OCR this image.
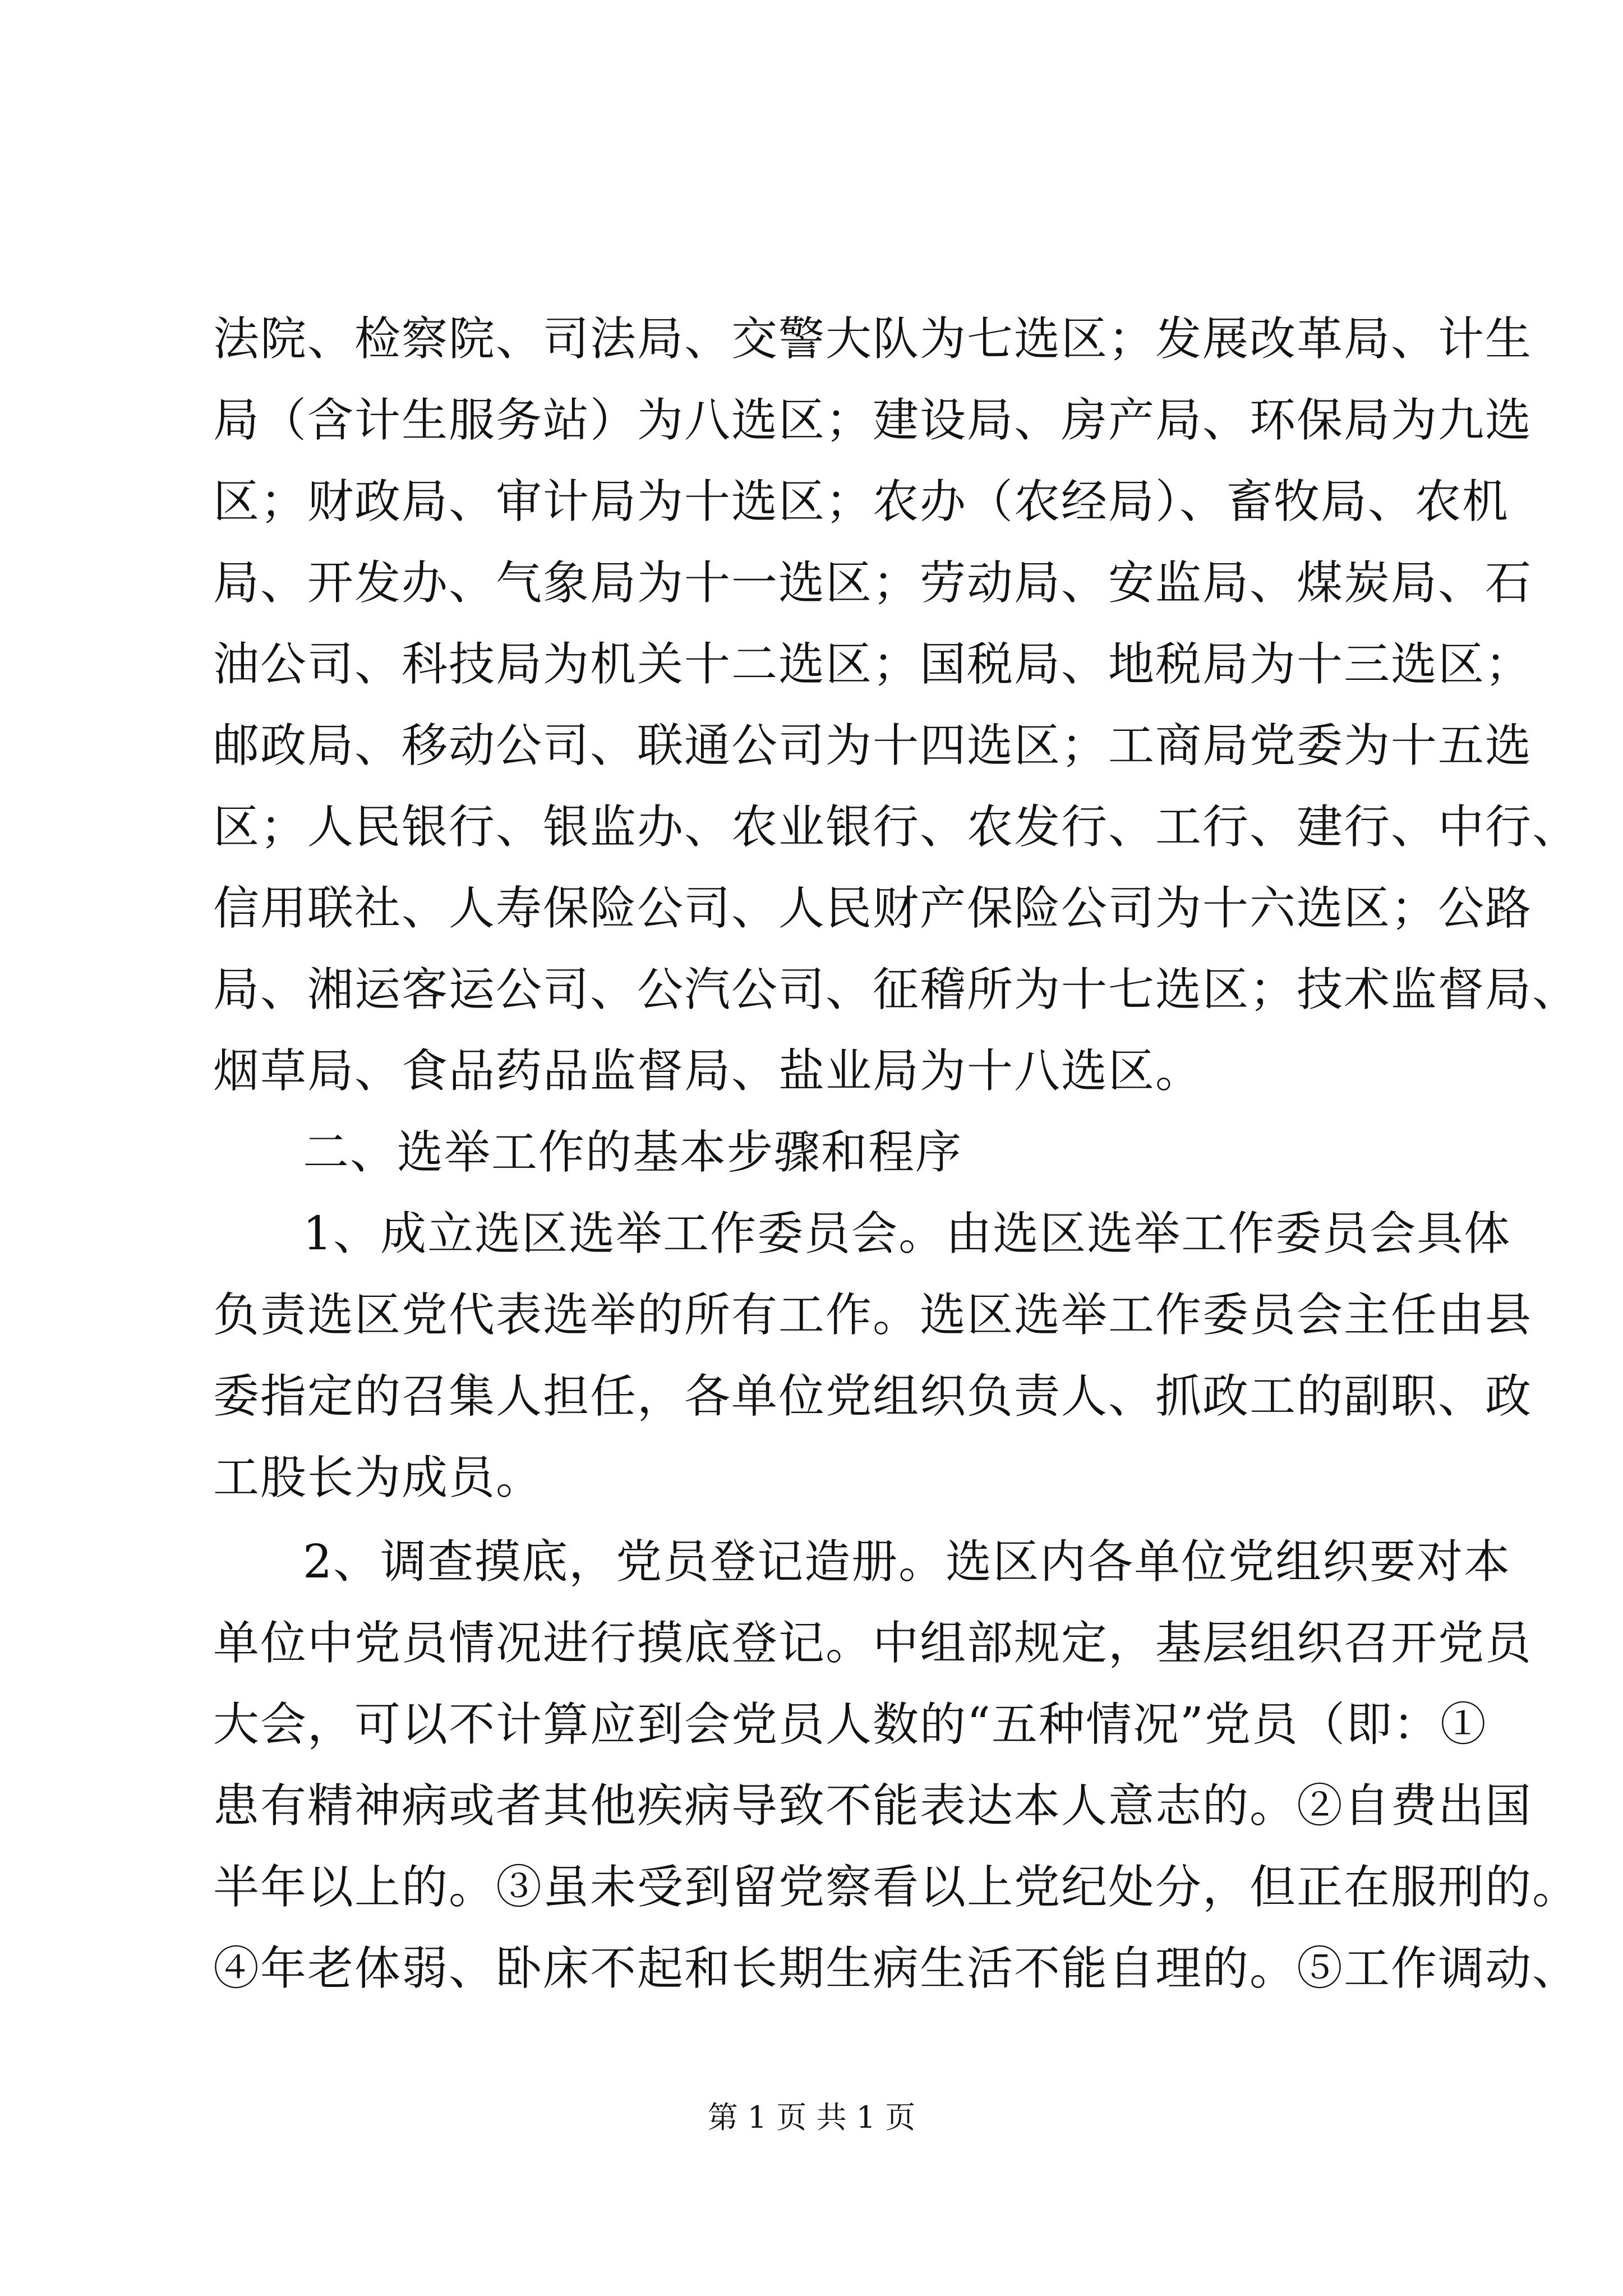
法院、检察院、司法局、交警大队为七选区；发展改革局、计生
局（含计生服务站）为八选区；建设局、房产局、环保局为九选
区；财政局、审计局为十选区；农办（农经局）、畜牧局、农机
局、开发办、气象局为十一选区；劳动局、安监局、煤炭局、石
油公司、科技局为机关十二选区；国税局、地税局为十三选区；
邮政局、移动公司、联通公司为十四选区；工商局党委为十五选
区；人民银行、银监办、农业银行、农发行、工行、建行、中行、
信用联社、人寿保险公司、人民财产保险公司为十六选区；公路
局、湘运客运公司、公汽公司、征稽所为十七选区；技术监督局、
烟草局、食品药品监督局、盐业局为十八选区。
二、选举工作的基本步骤和程序
1、成立选区选举工作委员会。由选区选举工作委员会具体
负责选区党代表选举的所有工作。选区选举工作委员会主任由县
委指定的召集人担任，各单位党组织负责人、抓政工的副职、政
工股长为成员。
2、调查摸底，党员登记造册。选区内各单位党组织要对本
单位中党员情况进行摸底登记。中组部规定，基层组织召开党员
大会，可以不计算应到会党员人数的“五种情况”党员（即：①
患有精神病或者其他疾病导致不能表达本人意志的。②自费出国
半年以上的。③虽未受到留党察看以上党纪处分，但正在服刑的。
④年老体弱、卧床不起和长期生病生活不能自理的。⑤工作调动、
第 1 页 共 1 页
